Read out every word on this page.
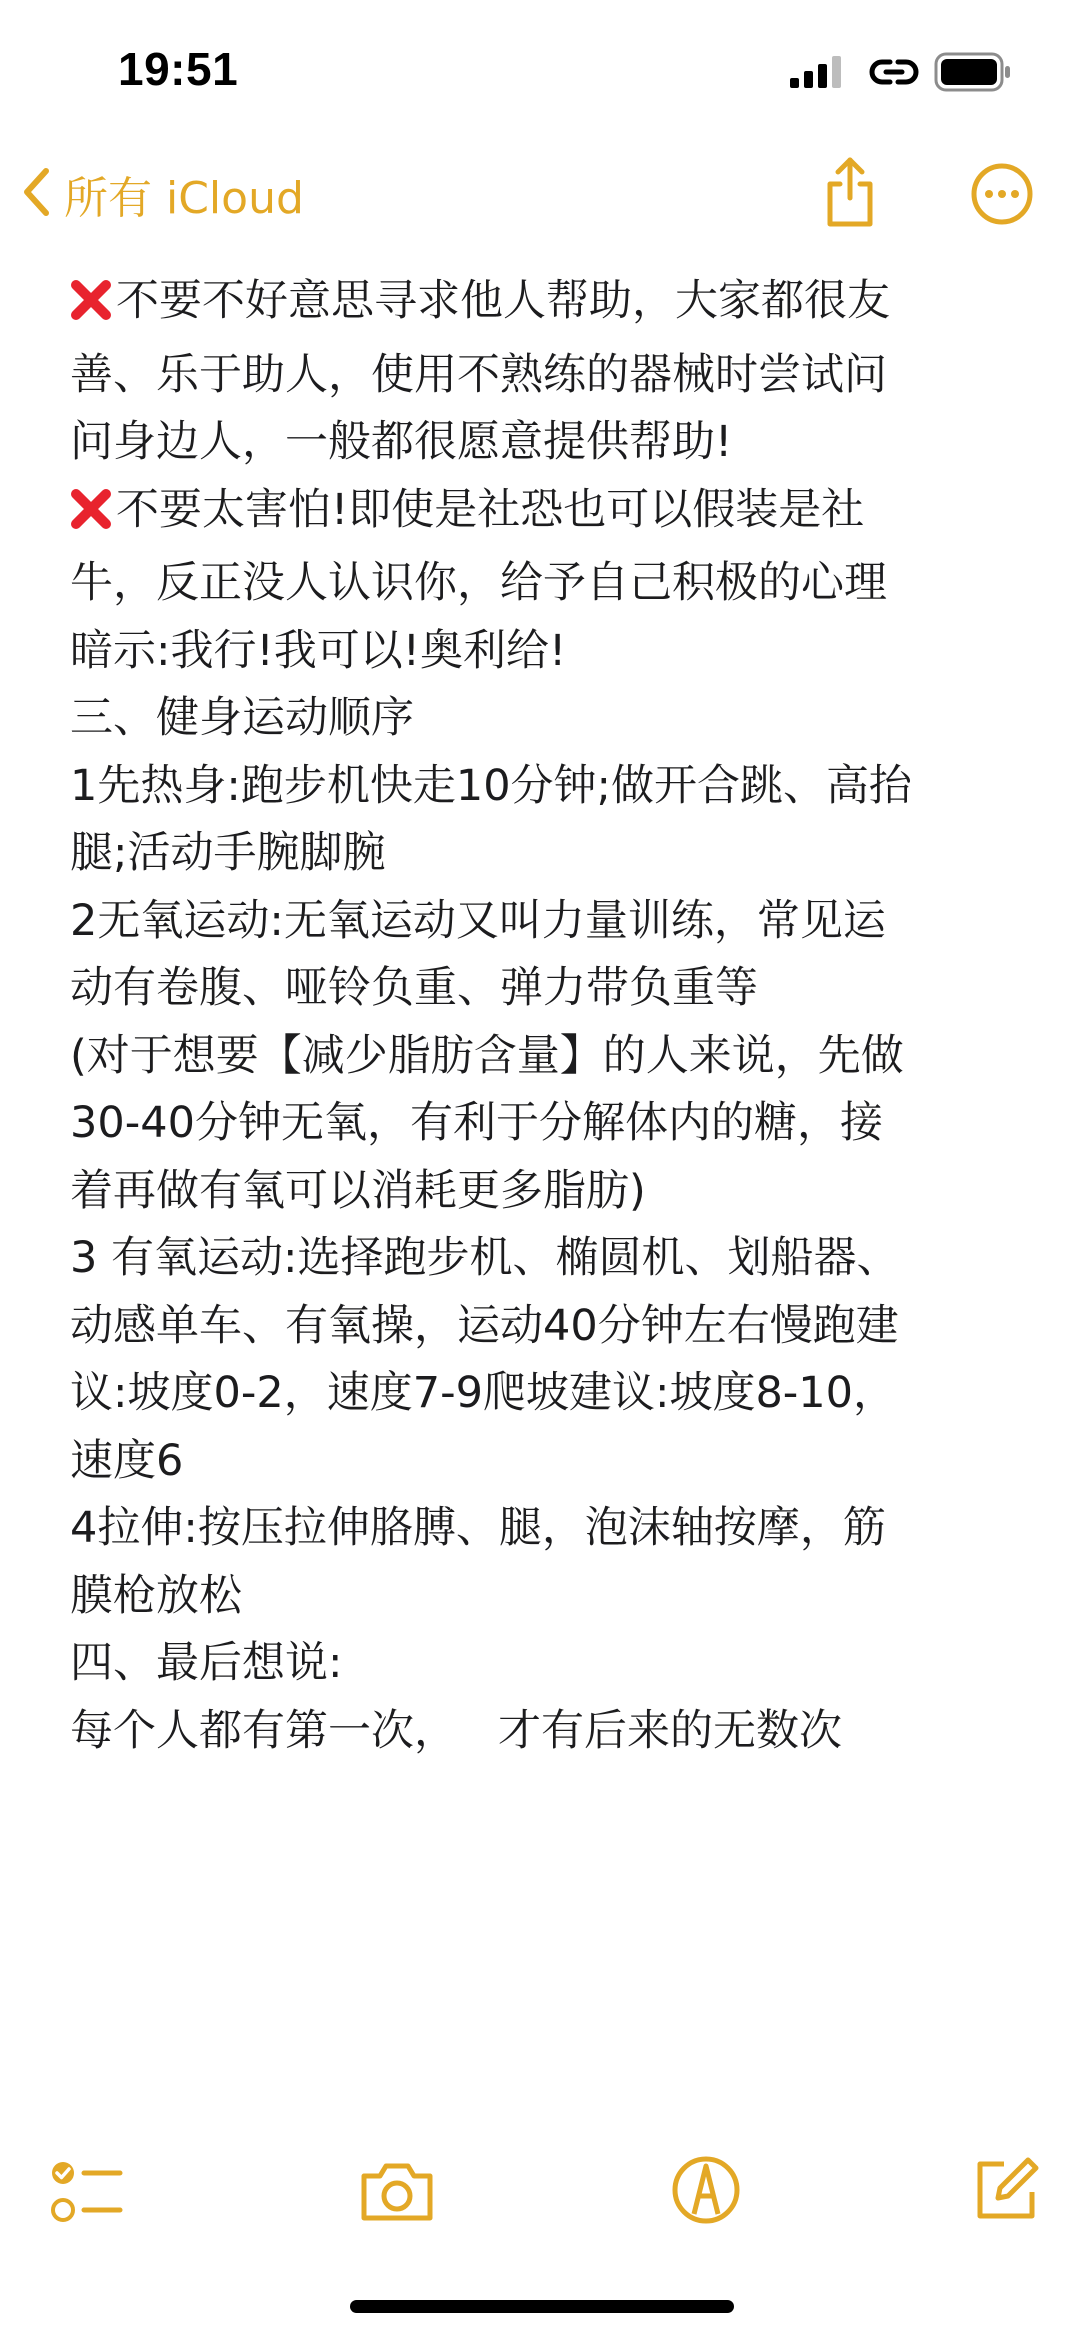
19:51
所有 iCloud
不要不好意思寻求他人帮助，大家都很友
善、乐于助人，使用不熟练的器械时尝试问
问身边人，一般都很愿意提供帮助!
不要太害怕!即使是社恐也可以假装是社
牛，反正没人认识你，给予自己积极的心理
暗示:我行!我可以!奥利给!
三、健身运动顺序
1先热身:跑步机快走10分钟;做开合跳、高抬
腿;活动手腕脚腕
2无氧运动:无氧运动又叫力量训练，常见运
动有卷腹、哑铃负重、弹力带负重等
(对于想要【减少脂肪含量】的人来说，先做
30-40分钟无氧，有利于分解体内的糖，接
着再做有氧可以消耗更多脂肪)
3 有氧运动:选择跑步机、椭圆机、划船器、
动感单车、有氧操，运动40分钟左右慢跑建
议:坡度0-2，速度7-9爬坡建议:坡度8-10，
速度6
4拉伸:按压拉伸胳膊、腿，泡沫轴按摩，筋
膜枪放松
四、最后想说:
每个人都有第一次，   才有后来的无数次
